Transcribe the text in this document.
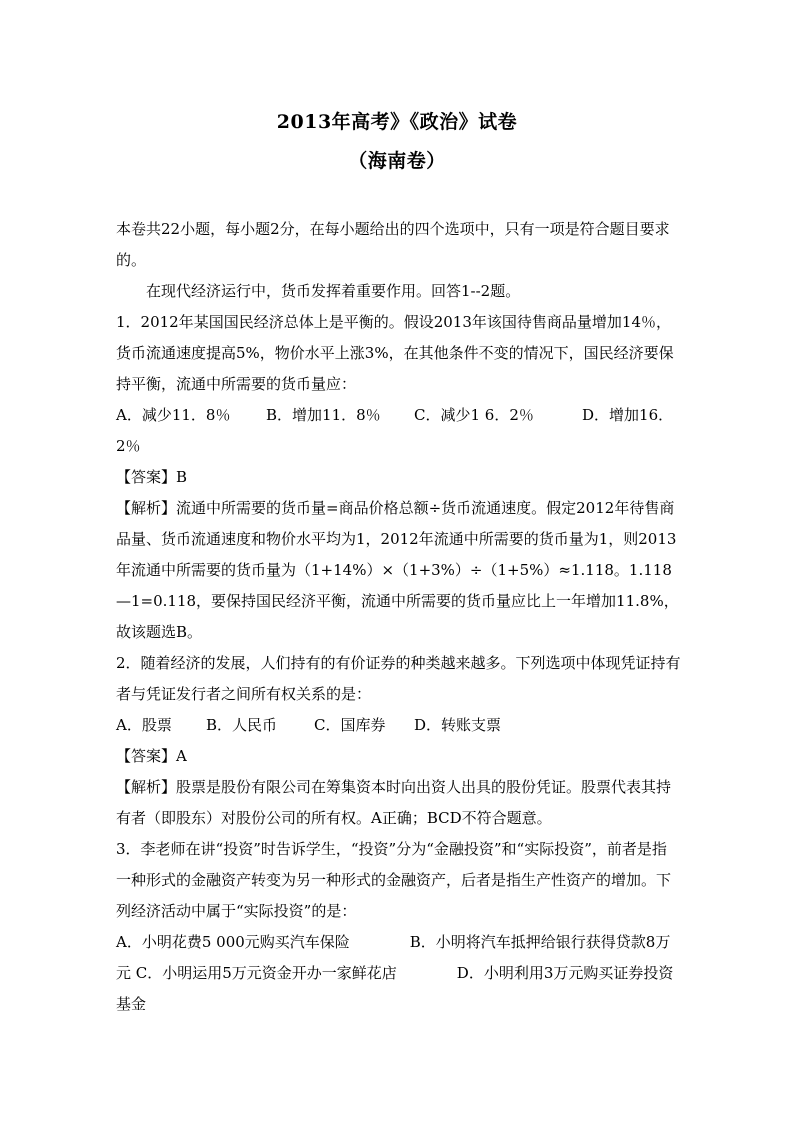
2013年高考》《政治》试卷
（海南卷）

本卷共22小题，每小题2分，在每小题给出的四个选项中，只有一项是符合题目要求的。

在现代经济运行中，货币发挥着重要作用。回答1--2题。

1．2012年某国国民经济总体上是平衡的。假设2013年该国待售商品量增加14％，货币流通速度提高5%，物价水平上涨3%，在其他条件不变的情况下，国民经济要保持平衡，流通中所需要的货币量应：

A．减少11．8％ B．增加11．8％ C．减少1 6．2％	D．增加16．2％

【答案】B

【解析】流通中所需要的货币量=商品价格总额÷货币流通速度。假定2012年待售商品量、货币流通速度和物价水平均为1，2012年流通中所需要的货币量为1，则2013年流通中所需要的货币量为（1+14%）×（1+3%）÷（1+5%）≈1.118。1.118—1=0.118，要保持国民经济平衡，流通中所需要的货币量应比上一年增加11.8%，故该题选B。

2．随着经济的发展，人们持有的有价证券的种类越来越多。下列选项中体现凭证持有者与凭证发行者之间所有权关系的是：

A．股票 B．人民币 C．国库券 D．转账支票

【答案】A

【解析】股票是股份有限公司在筹集资本时向出资人出具的股份凭证。股票代表其持有者（即股东）对股份公司的所有权。A正确；BCD不符合题意。

3．李老师在讲“投资”时告诉学生，“投资”分为“金融投资”和“实际投资”，前者是指一种形式的金融资产转变为另一种形式的金融资产，后者是指生产性资产的增加。下列经济活动中属于“实际投资”的是：

A．小明花费5 000元购买汽车保险　　　　B．小明将汽车抵押给银行获得贷款8万元 C．小明运用5万元资金开办一家鲜花店　　　　D．小明利用3万元购买证券投资基金
